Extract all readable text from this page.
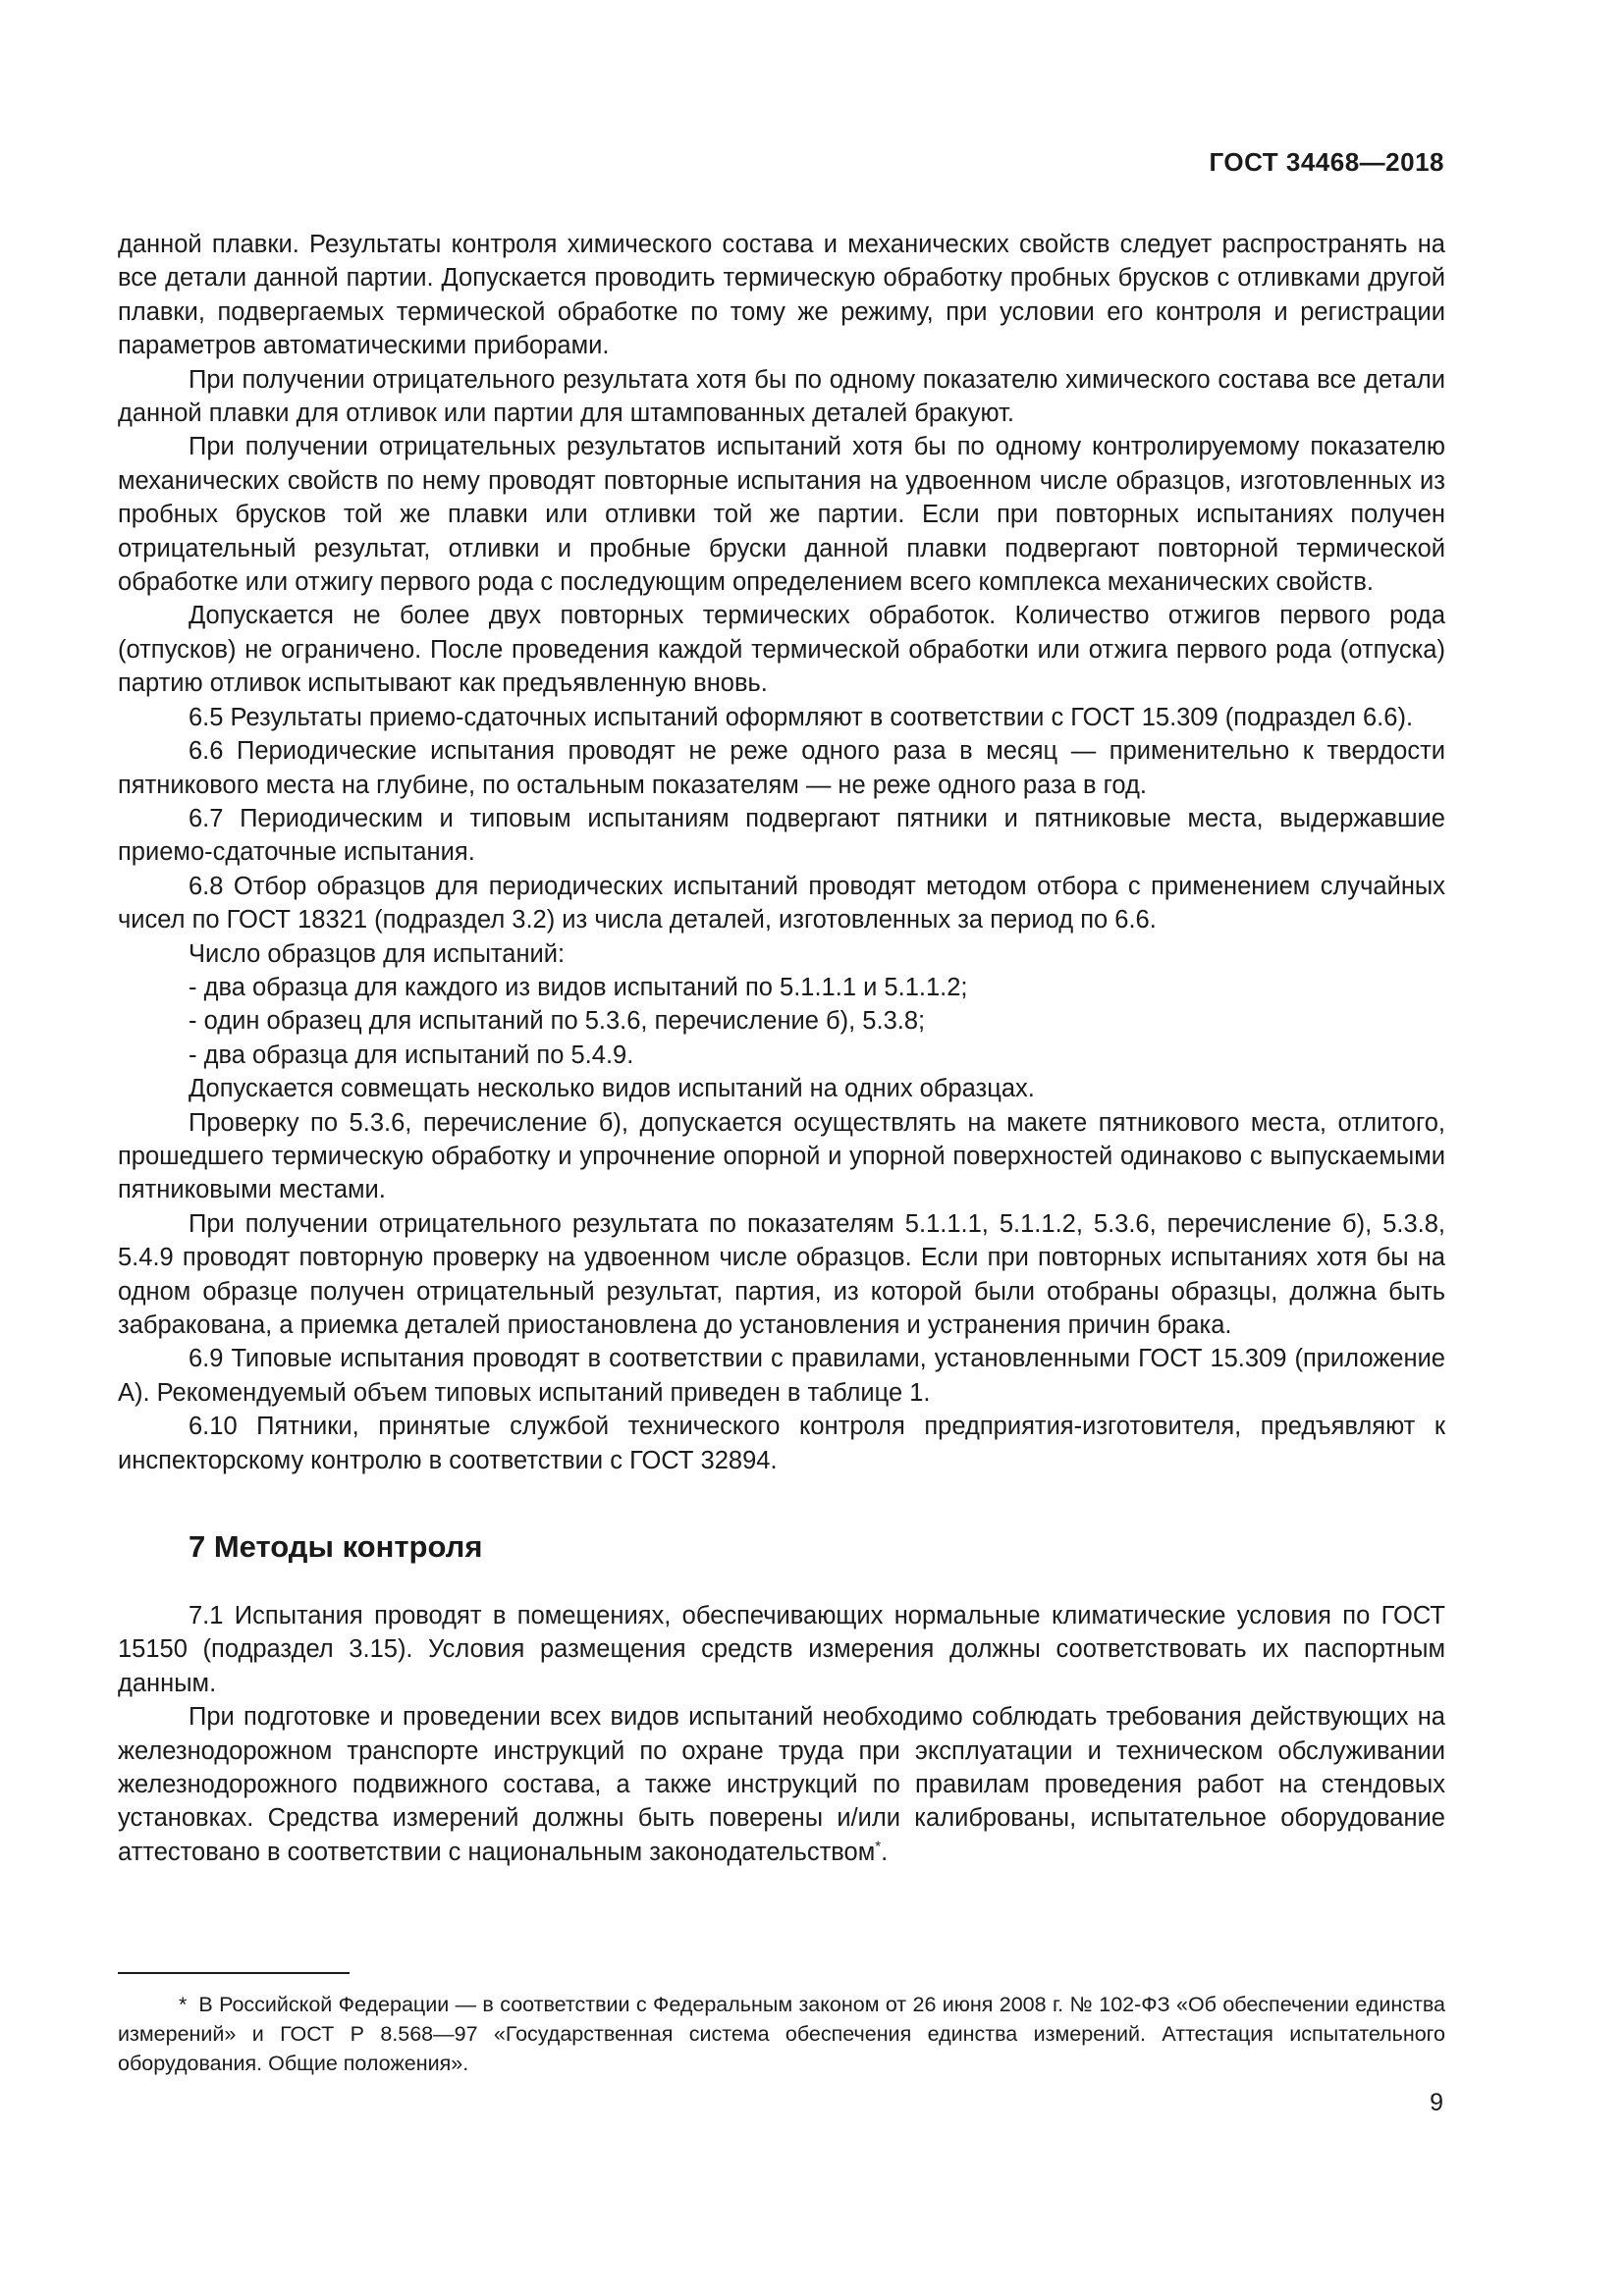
ГОСТ 34468—2018

данной плавки. Результаты контроля химического состава и механических свойств следует распространять на все детали данной партии. Допускается проводить термическую обработку пробных брусков с отливками другой плавки, подвергаемых термической обработке по тому же режиму, при условии его контроля и регистрации параметров автоматическими приборами.

При получении отрицательного результата хотя бы по одному показателю химического состава все детали данной плавки для отливок или партии для штампованных деталей бракуют.

При получении отрицательных результатов испытаний хотя бы по одному контролируемому показателю механических свойств по нему проводят повторные испытания на удвоенном числе образцов, изготовленных из пробных брусков той же плавки или отливки той же партии. Если при повторных испытаниях получен отрицательный результат, отливки и пробные бруски данной плавки подвергают повторной термической обработке или отжигу первого рода с последующим определением всего комплекса механических свойств.

Допускается не более двух повторных термических обработок. Количество отжигов первого рода (отпусков) не ограничено. После проведения каждой термической обработки или отжига первого рода (отпуска) партию отливок испытывают как предъявленную вновь.

6.5 Результаты приемо-сдаточных испытаний оформляют в соответствии с ГОСТ 15.309 (подраздел 6.6).

6.6 Периодические испытания проводят не реже одного раза в месяц — применительно к твердости пятникового места на глубине, по остальным показателям — не реже одного раза в год.

6.7 Периодическим и типовым испытаниям подвергают пятники и пятниковые места, выдержавшие приемо-сдаточные испытания.

6.8 Отбор образцов для периодических испытаний проводят методом отбора с применением случайных чисел по ГОСТ 18321 (подраздел 3.2) из числа деталей, изготовленных за период по 6.6.

Число образцов для испытаний:

- два образца для каждого из видов испытаний по 5.1.1.1 и 5.1.1.2;

- один образец для испытаний по 5.3.6, перечисление б), 5.3.8;

- два образца для испытаний по 5.4.9.

Допускается совмещать несколько видов испытаний на одних образцах.

Проверку по 5.3.6, перечисление б), допускается осуществлять на макете пятникового места, отлитого, прошедшего термическую обработку и упрочнение опорной и упорной поверхностей одинаково с выпускаемыми пятниковыми местами.

При получении отрицательного результата по показателям 5.1.1.1, 5.1.1.2, 5.3.6, перечисление б), 5.3.8, 5.4.9 проводят повторную проверку на удвоенном числе образцов. Если при повторных испытаниях хотя бы на одном образце получен отрицательный результат, партия, из которой были отобраны образцы, должна быть забракована, а приемка деталей приостановлена до установления и устранения причин брака.

6.9 Типовые испытания проводят в соответствии с правилами, установленными ГОСТ 15.309 (приложение А). Рекомендуемый объем типовых испытаний приведен в таблице 1.

6.10 Пятники, принятые службой технического контроля предприятия-изготовителя, предъявляют к инспекторскому контролю в соответствии с ГОСТ 32894.

7 Методы контроля

7.1 Испытания проводят в помещениях, обеспечивающих нормальные климатические условия по ГОСТ 15150 (подраздел 3.15). Условия размещения средств измерения должны соответствовать их паспортным данным.

При подготовке и проведении всех видов испытаний необходимо соблюдать требования действующих на железнодорожном транспорте инструкций по охране труда при эксплуатации и техническом обслуживании железнодорожного подвижного состава, а также инструкций по правилам проведения работ на стендовых установках. Средства измерений должны быть поверены и/или калиброваны, испытательное оборудование аттестовано в соответствии с национальным законодательством*.

* В Российской Федерации — в соответствии с Федеральным законом от 26 июня 2008 г. № 102-ФЗ «Об обеспечении единства измерений» и ГОСТ Р 8.568—97 «Государственная система обеспечения единства измерений. Аттестация испытательного оборудования. Общие положения».

9
